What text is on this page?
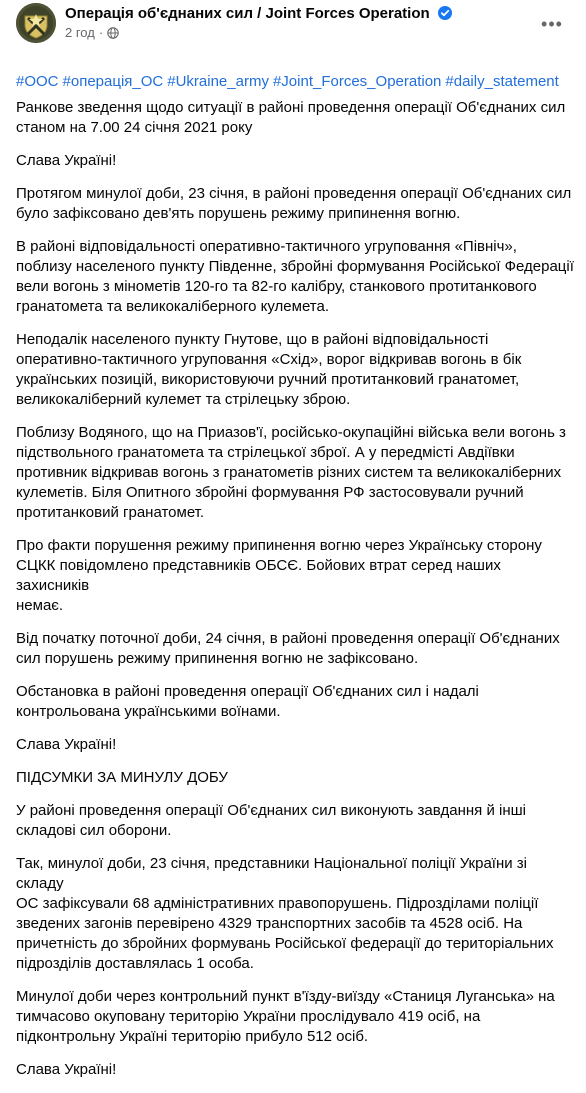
Операція об'єднаних сил / Joint Forces Operation
2 год ·	•••

#ООС #операція_ОС #Ukraine_army #Joint_Forces_Operation #daily_statement

Ранкове зведення щодо ситуації в районі проведення операції Об'єднаних сил
станом на 7.00 24 січня 2021 року

Слава Україні!

Протягом минулої доби, 23 січня, в районі проведення операції Об'єднаних сил
було зафіксовано дев'ять порушень режиму припинення вогню.

В районі відповідальності оперативно-тактичного угруповання «Північ»,
поблизу населеного пункту Південне, збройні формування Російської Федерації
вели вогонь з мінометів 120-го та 82-го калібру, станкового протитанкового
гранатомета та великокаліберного кулемета.

Неподалік населеного пункту Гнутове, що в районі відповідальності
оперативно-тактичного угруповання «Схід», ворог відкривав вогонь в бік
українських позицій, використовуючи ручний протитанковий гранатомет,
великокаліберний кулемет та стрілецьку зброю.

Поблизу Водяного, що на Приазов'ї, російсько-окупаційні війська вели вогонь з
підствольного гранатомета та стрілецької зброї. А у передмісті Авдіївки
противник відкривав вогонь з гранатометів різних систем та великокаліберних
кулеметів. Біля Опитного збройні формування РФ застосовували ручний
протитанковий гранатомет.

Про факти порушення режиму припинення вогню через Українську сторону
СЦКК повідомлено представників ОБСЄ. Бойових втрат серед наших захисників
немає.

Від початку поточної доби, 24 січня, в районі проведення операції Об'єднаних
сил порушень режиму припинення вогню не зафіксовано.

Обстановка в районі проведення операції Об'єднаних сил і надалі
контрольована українськими воїнами.

Слава Україні!

ПІДСУМКИ ЗА МИНУЛУ ДОБУ

У районі проведення операції Об'єднаних сил виконують завдання й інші
складові сил оборони.

Так, минулої доби, 23 січня, представники Національної поліції України зі складу
ОС зафіксували 68 адміністративних правопорушень. Підрозділами поліції
зведених загонів перевірено 4329 транспортних засобів та 4528 осіб. На
причетність до збройних формувань Російської федерації до територіальних
підрозділів доставлялась 1 особа.

Минулої доби через контрольний пункт в'їзду-виїзду «Станиця Луганська» на
тимчасово окуповану територію України прослідувало 419 осіб, на
підконтрольну Україні територію прибуло 512 осіб.

Слава Україні!
